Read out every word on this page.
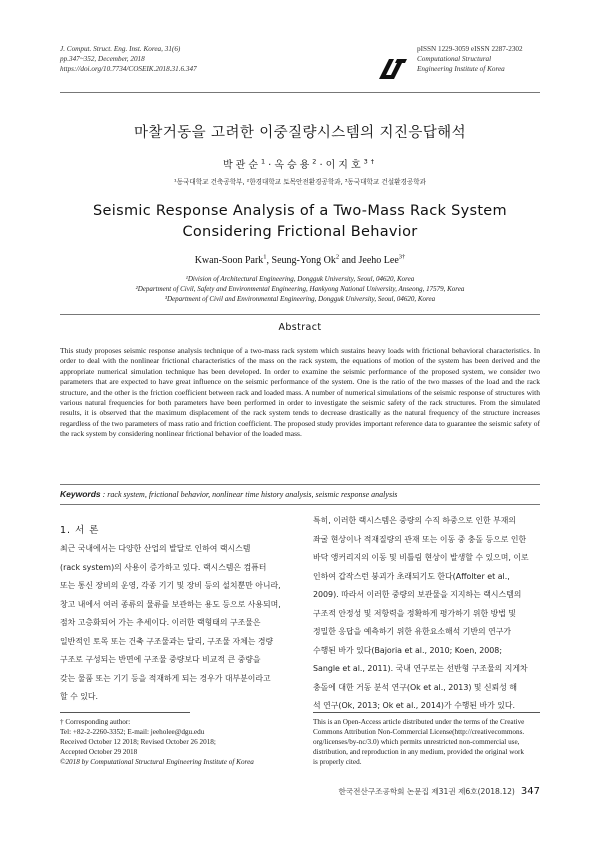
J. Comput. Struct. Eng. Inst. Korea, 31(6)
pp.347~352, December, 2018
https://doi.org/10.7734/COSEIK.2018.31.6.347
pISSN 1229-3059 eISSN 2287-2302
Computational Structural
Engineering Institute of Korea
마찰거동을 고려한 이중질량시스템의 지진응답해석
박관순$^1$·옥승용$^2$·이지호$^{3\dagger}$
¹동국대학교 건축공학부, ²한경대학교 토목안전환경공학과, ³동국대학교 건설환경공학과
Seismic Response Analysis of a Two-Mass Rack System
Considering Frictional Behavior
Kwan-Soon Park$^1$, Seung-Yong Ok$^2$ and Jeeho Lee$^{3\dagger}$
¹Division of Architectural Engineering, Dongguk University, Seoul, 04620, Korea
²Department of Civil, Safety and Environmental Engineering, Hankyong National University, Anseong, 17579, Korea
³Department of Civil and Environmental Engineering, Dongguk University, Seoul, 04620, Korea
Abstract
This study proposes seismic response analysis technique of a two-mass rack system which sustains heavy loads with frictional behavioral characteristics. In order to deal with the nonlinear frictional characteristics of the mass on the rack system, the equations of motion of the system has been derived and the appropriate numerical simulation technique has been developed. In order to examine the seismic performance of the proposed system, we consider two parameters that are expected to have great influence on the seismic performance of the system. One is the ratio of the two masses of the load and the rack structure, and the other is the friction coefficient between rack and loaded mass. A number of numerical simulations of the seismic response of structures with various natural frequencies for both parameters have been performed in order to investigate the seismic safety of the rack structures. From the simulated results, it is observed that the maximum displacement of the rack system tends to decrease drastically as the natural frequency of the structure increases regardless of the two parameters of mass ratio and friction coefficient. The proposed study provides important reference data to guarantee the seismic safety of the rack system by considering nonlinear frictional behavior of the loaded mass.
Keywords : rack system, frictional behavior, nonlinear time history analysis, seismic response analysis
1. 서 론
최근 국내에서는 다양한 산업의 발달로 인하여 랙시스템
(rack system)의 사용이 증가하고 있다. 랙시스템은 컴퓨터
또는 통신 장비의 운영, 각종 기기 및 장비 등의 설치뿐만 아니라,
창고 내에서 여러 종류의 물류를 보관하는 용도 등으로 사용되며,
점차 고층화되어 가는 추세이다. 이러한 랙형태의 구조물은
일반적인 토목 또는 건축 구조물과는 달리, 구조물 자체는 경량
구조로 구성되는 반면에 구조물 중량보다 비교적 큰 중량을
갖는 물품 또는 기기 등을 적재하게 되는 경우가 대부분이라고
할 수 있다.
특히, 이러한 랙시스템은 중량의 수직 하중으로 인한 부재의
좌굴 현상이나 적재질량의 관재 또는 이동 중 충돌 등으로 인한
바닥 앵커리지의 이동 및 비틀림 현상이 발생할 수 있으며, 이로
인하여 갑작스런 붕괴가 초래되기도 한다(Affolter et al.,
2009). 따라서 이러한 중량의 보관물을 지지하는 랙시스템의
구조적 안정성 및 저항력을 정확하게 평가하기 위한 방법 및
정밀한 응답을 예측하기 위한 유한요소해석 기반의 연구가
수행된 바가 있다(Bajoria et al., 2010; Koen, 2008;
Sangle et al., 2011). 국내 연구로는 선반형 구조물의 지게차
충돌에 대한 거동 분석 연구(Ok et al., 2013) 및 신뢰성 해
석 연구(Ok, 2013; Ok et al., 2014)가 수행된 바가 있다.
† Corresponding author:
Tel: +82-2-2260-3352; E-mail: jeeholee@dgu.edu
Received October 12 2018; Revised October 26 2018;
Accepted October 29 2018
©2018 by Computational Structural Engineering Institute of Korea
This is an Open-Access article distributed under the terms of the Creative
Commons Attribution Non-Commercial License(http://creativecommons.
org/licenses/by-nc/3.0) which permits unrestricted non-commercial use,
distribution, and reproduction in any medium, provided the original work
is properly cited.
한국전산구조공학회 논문집 제31권 제6호(2018.12) 347
